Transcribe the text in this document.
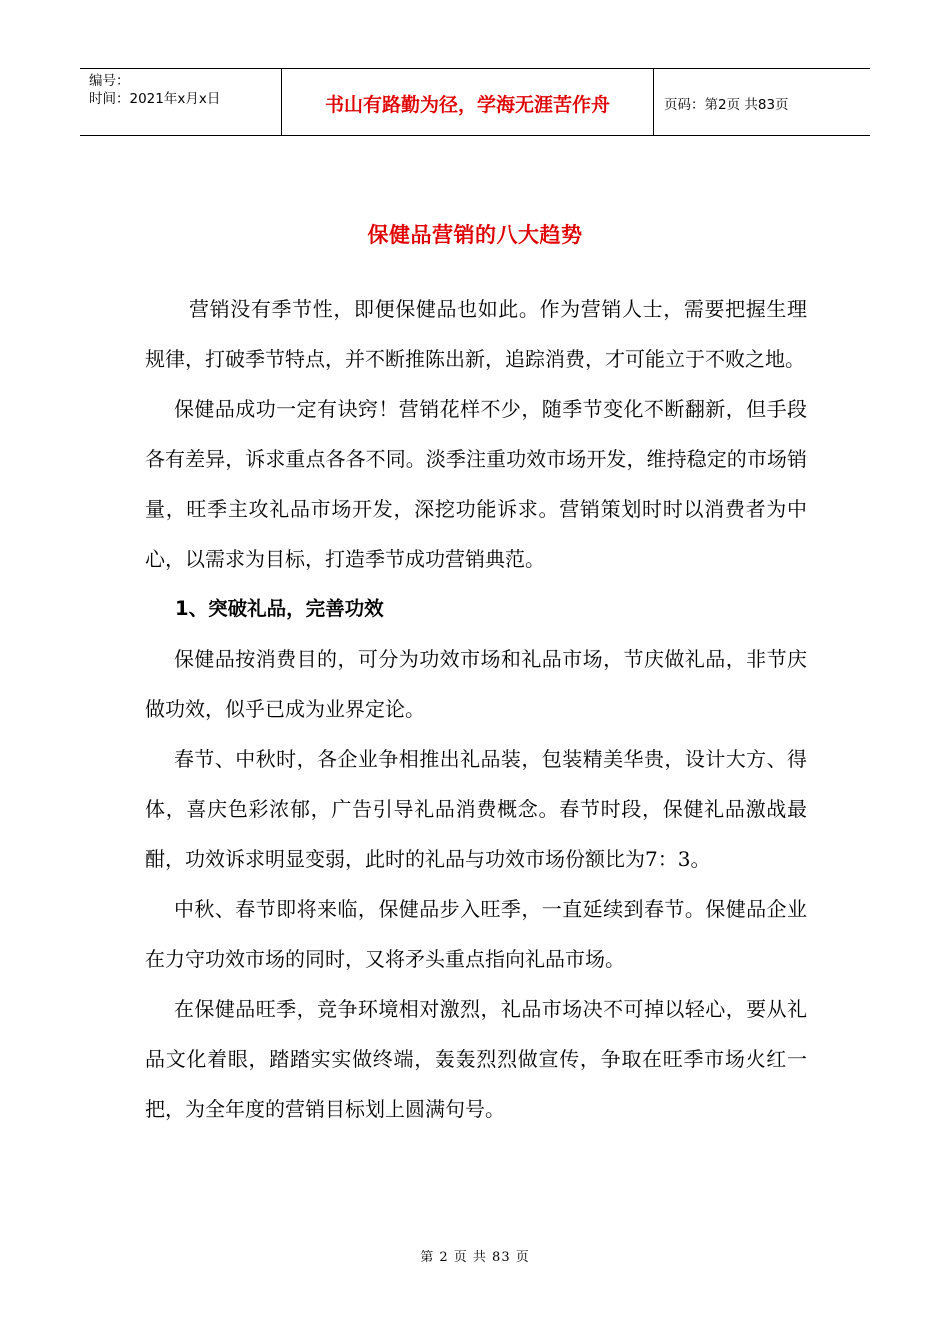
编号：
时间：2021年x月x日	书山有路勤为径，学海无涯苦作舟	页码：第2页 共83页
保健品营销的八大趋势

营销没有季节性，即便保健品也如此。作为营销人士，需要把握生理规律，打破季节特点，并不断推陈出新，追踪消费，才可能立于不败之地。

保健品成功一定有诀窍！营销花样不少，随季节变化不断翻新，但手段各有差异，诉求重点各各不同。淡季注重功效市场开发，维持稳定的市场销量，旺季主攻礼品市场开发，深挖功能诉求。营销策划时时以消费者为中心，以需求为目标，打造季节成功营销典范。

1、突破礼品，完善功效

保健品按消费目的，可分为功效市场和礼品市场，节庆做礼品，非节庆做功效，似乎已成为业界定论。

春节、中秋时，各企业争相推出礼品装，包装精美华贵，设计大方、得体，喜庆色彩浓郁，广告引导礼品消费概念。春节时段，保健礼品激战最酣，功效诉求明显变弱，此时的礼品与功效市场份额比为7：3。

中秋、春节即将来临，保健品步入旺季，一直延续到春节。保健品企业在力守功效市场的同时，又将矛头重点指向礼品市场。

在保健品旺季，竞争环境相对激烈，礼品市场决不可掉以轻心，要从礼品文化着眼，踏踏实实做终端，轰轰烈烈做宣传，争取在旺季市场火红一把，为全年度的营销目标划上圆满句号。

第 2 页 共 83 页
